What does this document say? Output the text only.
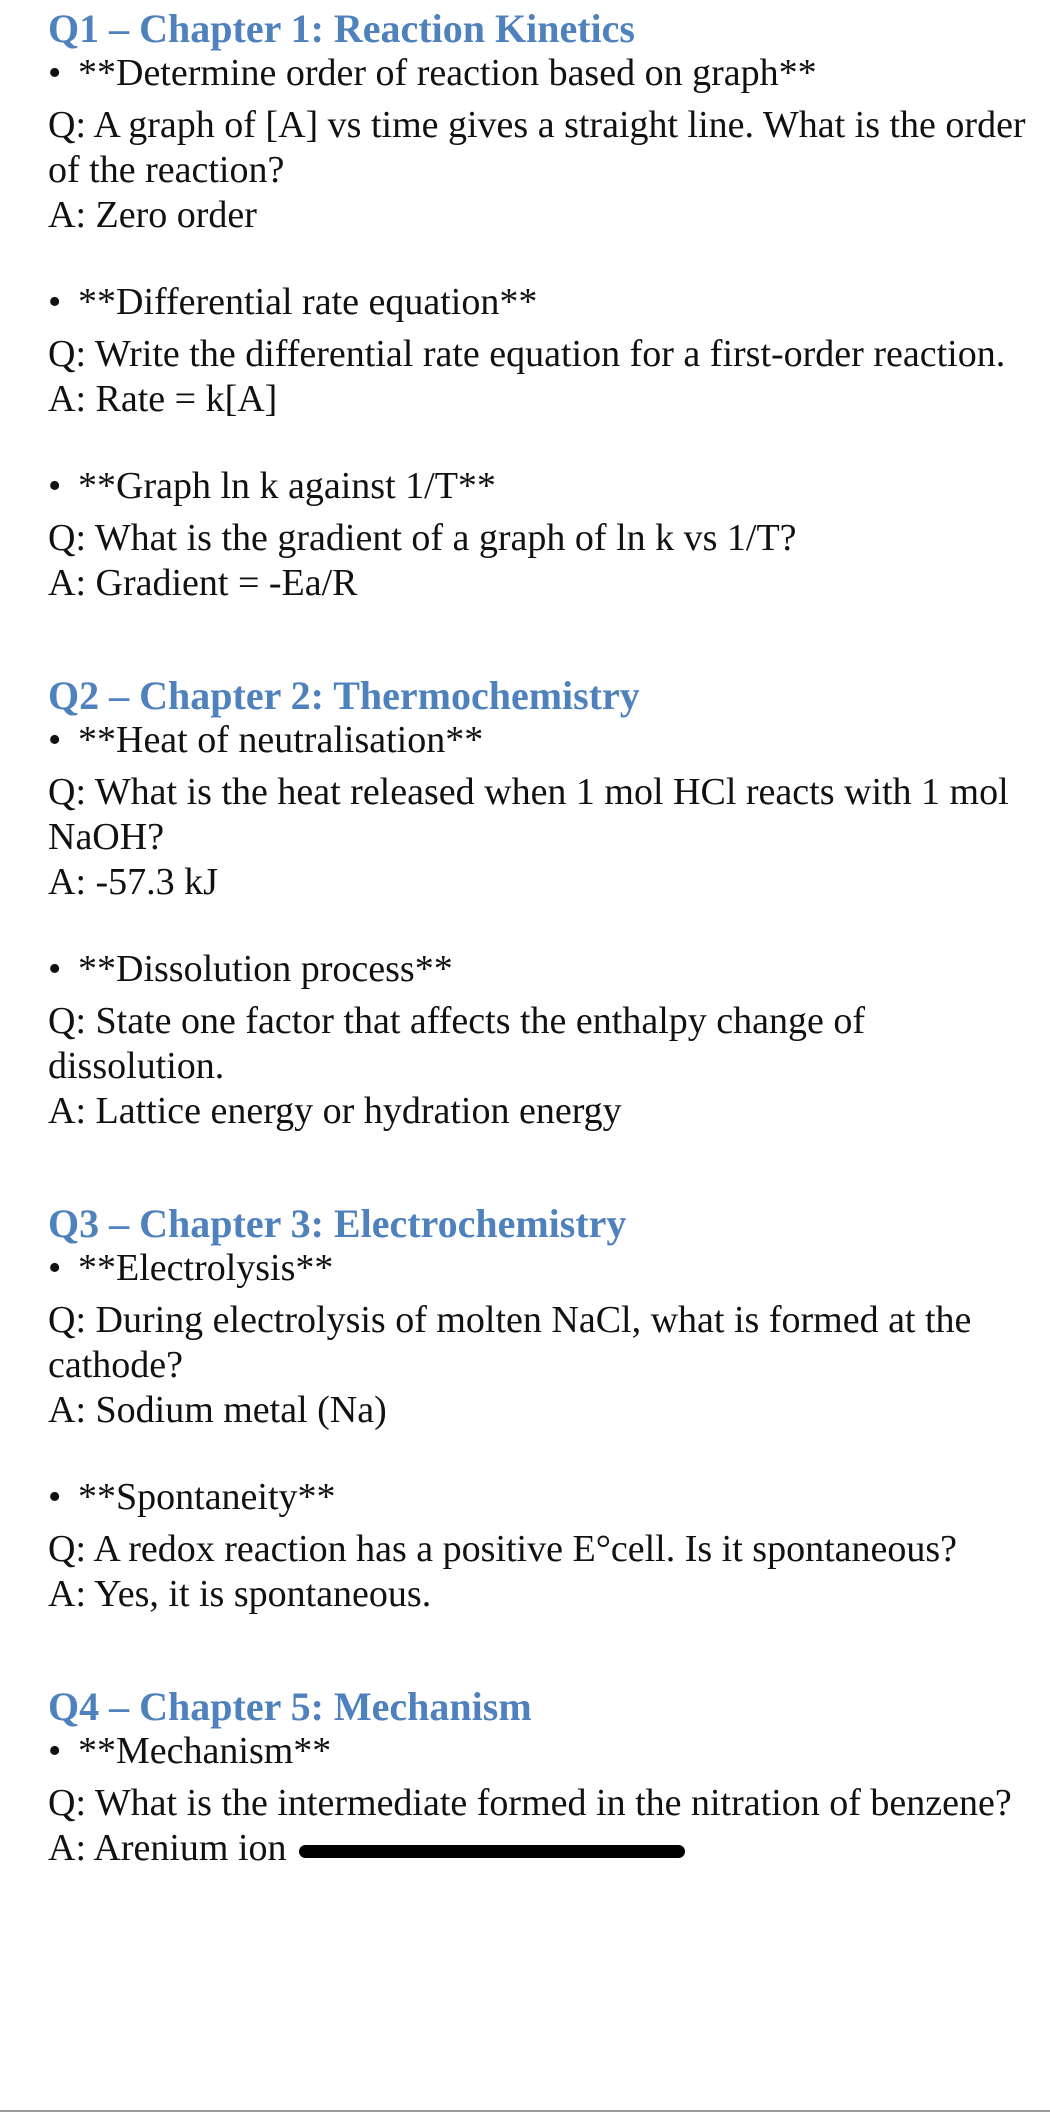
Q1 – Chapter 1: Reaction Kinetics

• **Determine order of reaction based on graph**

Q: A graph of [A] vs time gives a straight line. What is the order of the reaction?

A: Zero order

• **Differential rate equation**

Q: Write the differential rate equation for a first-order reaction.

A: Rate = k[A]

• **Graph ln k against 1/T**

Q: What is the gradient of a graph of ln k vs 1/T?

A: Gradient = -Ea/R

Q2 – Chapter 2: Thermochemistry

• **Heat of neutralisation**

Q: What is the heat released when 1 mol HCl reacts with 1 mol NaOH?

A: -57.3 kJ

• **Dissolution process**

Q: State one factor that affects the enthalpy change of dissolution.

A: Lattice energy or hydration energy

Q3 – Chapter 3: Electrochemistry

• **Electrolysis**

Q: During electrolysis of molten NaCl, what is formed at the cathode?

A: Sodium metal (Na)

• **Spontaneity**

Q: A redox reaction has a positive E°cell. Is it spontaneous?

A: Yes, it is spontaneous.

Q4 – Chapter 5: Mechanism

• **Mechanism**

Q: What is the intermediate formed in the nitration of benzene?

A: Arenium ion
